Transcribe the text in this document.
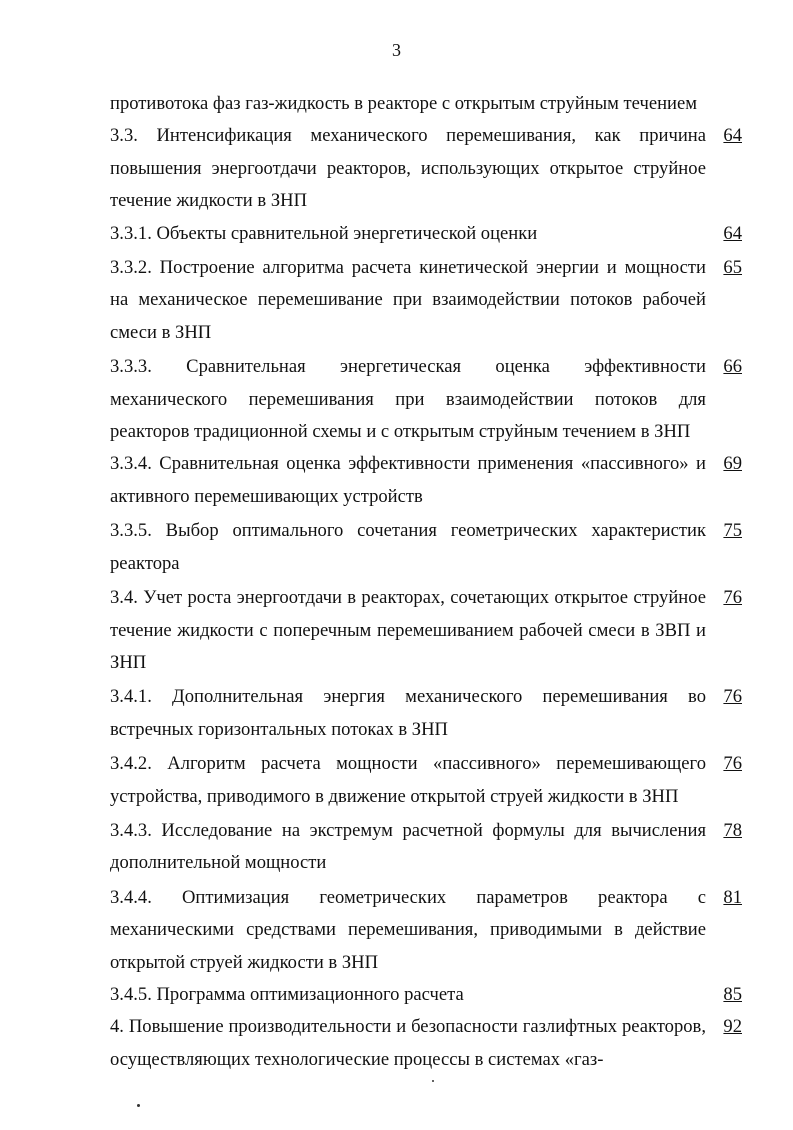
3
противотока фаз газ-жидкость в реакторе с открытым струйным течением
3.3. Интенсификация механического перемешивания, как причина повышения энергоотдачи реакторов, использующих открытое струйное течение жидкости в ЗНП
64
3.3.1. Объекты сравнительной энергетической оценки	64
3.3.2. Построение алгоритма расчета кинетической энергии и мощности на механическое перемешивание при взаимодействии потоков рабочей смеси в ЗНП
65
3.3.3. Сравнительная энергетическая оценка эффективности механического перемешивания при взаимодействии потоков для реакторов традиционной схемы и с открытым струйным течением в ЗНП
66
3.3.4. Сравнительная оценка эффективности применения «пассивного» и активного перемешивающих устройств
69
3.3.5. Выбор оптимального сочетания геометрических характеристик реактора
75
3.4. Учет роста энергоотдачи в реакторах, сочетающих открытое струйное течение жидкости с поперечным перемешиванием рабочей смеси в ЗВП и ЗНП
76
3.4.1. Дополнительная энергия механического перемешивания во встречных горизонтальных потоках в ЗНП
76
3.4.2. Алгоритм расчета мощности «пассивного» перемешивающего устройства, приводимого в движение открытой струей жидкости в ЗНП
76
3.4.3. Исследование на экстремум расчетной формулы для вычисления дополнительной мощности
78
3.4.4. Оптимизация геометрических параметров реактора с механическими средствами перемешивания, приводимыми в действие открытой струей жидкости в ЗНП
81
3.4.5. Программа оптимизационного расчета	85
4. Повышение производительности и безопасности газлифтных реакторов, осуществляющих технологические процессы в системах «газ-
92
